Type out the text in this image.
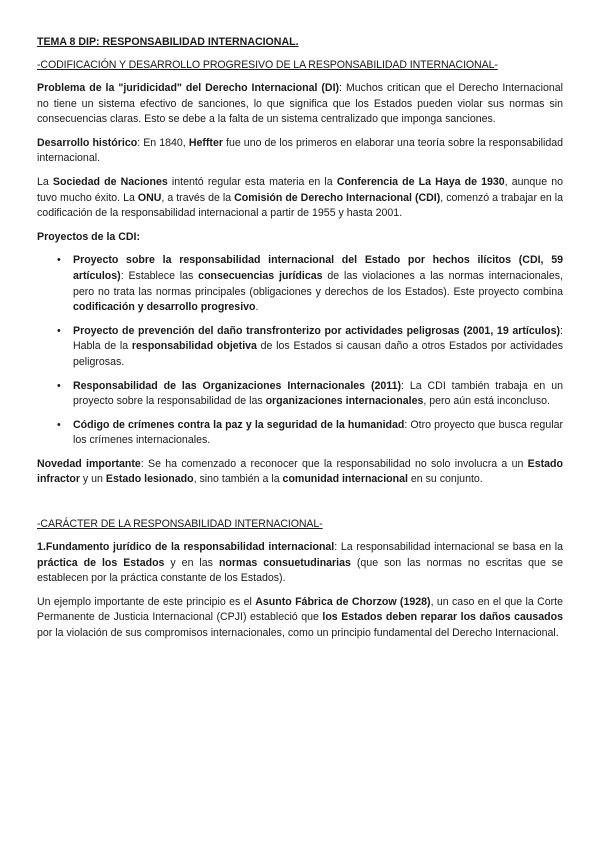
TEMA 8 DIP: RESPONSABILIDAD INTERNACIONAL.
-CODIFICACIÓN Y DESARROLLO PROGRESIVO DE LA RESPONSABILIDAD INTERNACIONAL-

Problema de la "juridicidad" del Derecho Internacional (DI): Muchos critican que el Derecho Internacional no tiene un sistema efectivo de sanciones, lo que significa que los Estados pueden violar sus normas sin consecuencias claras. Esto se debe a la falta de un sistema centralizado que imponga sanciones.

Desarrollo histórico: En 1840, Heffter fue uno de los primeros en elaborar una teoría sobre la responsabilidad internacional.

La Sociedad de Naciones intentó regular esta materia en la Conferencia de La Haya de 1930, aunque no tuvo mucho éxito. La ONU, a través de la Comisión de Derecho Internacional (CDI), comenzó a trabajar en la codificación de la responsabilidad internacional a partir de 1955 y hasta 2001.

Proyectos de la CDI:

• Proyecto sobre la responsabilidad internacional del Estado por hechos ilícitos (CDI, 59 artículos): Establece las consecuencias jurídicas de las violaciones a las normas internacionales, pero no trata las normas principales (obligaciones y derechos de los Estados). Este proyecto combina codificación y desarrollo progresivo.
• Proyecto de prevención del daño transfronterizo por actividades peligrosas (2001, 19 artículos): Habla de la responsabilidad objetiva de los Estados si causan daño a otros Estados por actividades peligrosas.
• Responsabilidad de las Organizaciones Internacionales (2011): La CDI también trabaja en un proyecto sobre la responsabilidad de las organizaciones internacionales, pero aún está inconcluso.
• Código de crímenes contra la paz y la seguridad de la humanidad: Otro proyecto que busca regular los crímenes internacionales.

Novedad importante: Se ha comenzado a reconocer que la responsabilidad no solo involucra a un Estado infractor y un Estado lesionado, sino también a la comunidad internacional en su conjunto.

-CARÁCTER DE LA RESPONSABILIDAD INTERNACIONAL-

1.Fundamento jurídico de la responsabilidad internacional: La responsabilidad internacional se basa en la práctica de los Estados y en las normas consuetudinarias (que son las normas no escritas que se establecen por la práctica constante de los Estados).

Un ejemplo importante de este principio es el Asunto Fábrica de Chorzow (1928), un caso en el que la Corte Permanente de Justicia Internacional (CPJI) estableció que los Estados deben reparar los daños causados por la violación de sus compromisos internacionales, como un principio fundamental del Derecho Internacional.
